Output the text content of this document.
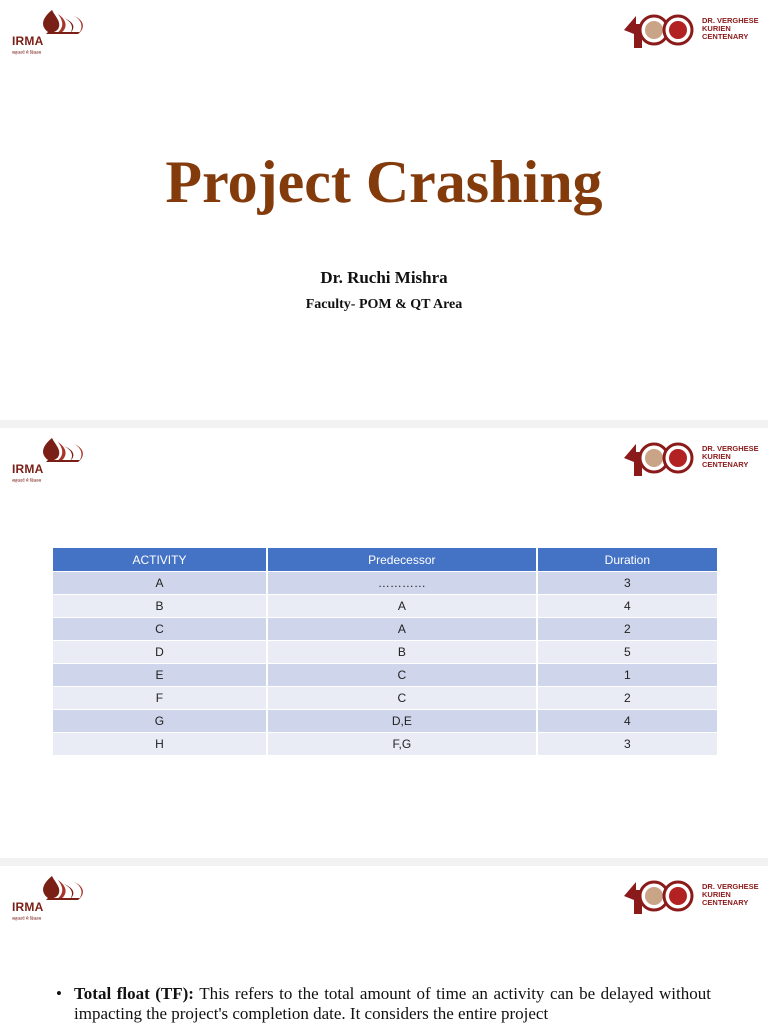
IRMA
सहकार्य मे विकास
DR. VERGHESE
KURIEN
CENTENARY
Project Crashing
Dr. Ruchi Mishra
Faculty- POM & QT Area
IRMA
सहकार्य मे विकास
DR. VERGHESE
KURIEN
CENTENARY
ACTIVITY	Predecessor	Duration
A	…………	3
B	A	4
C	A	2
D	B	5
E	C	1
F	C	2
G	D,E	4
H	F,G	3
IRMA
सहकार्य मे विकास
DR. VERGHESE
KURIEN
CENTENARY
• Total float (TF): This refers to the total amount of time an activity can be delayed without impacting the project's completion date. It considers the entire project
